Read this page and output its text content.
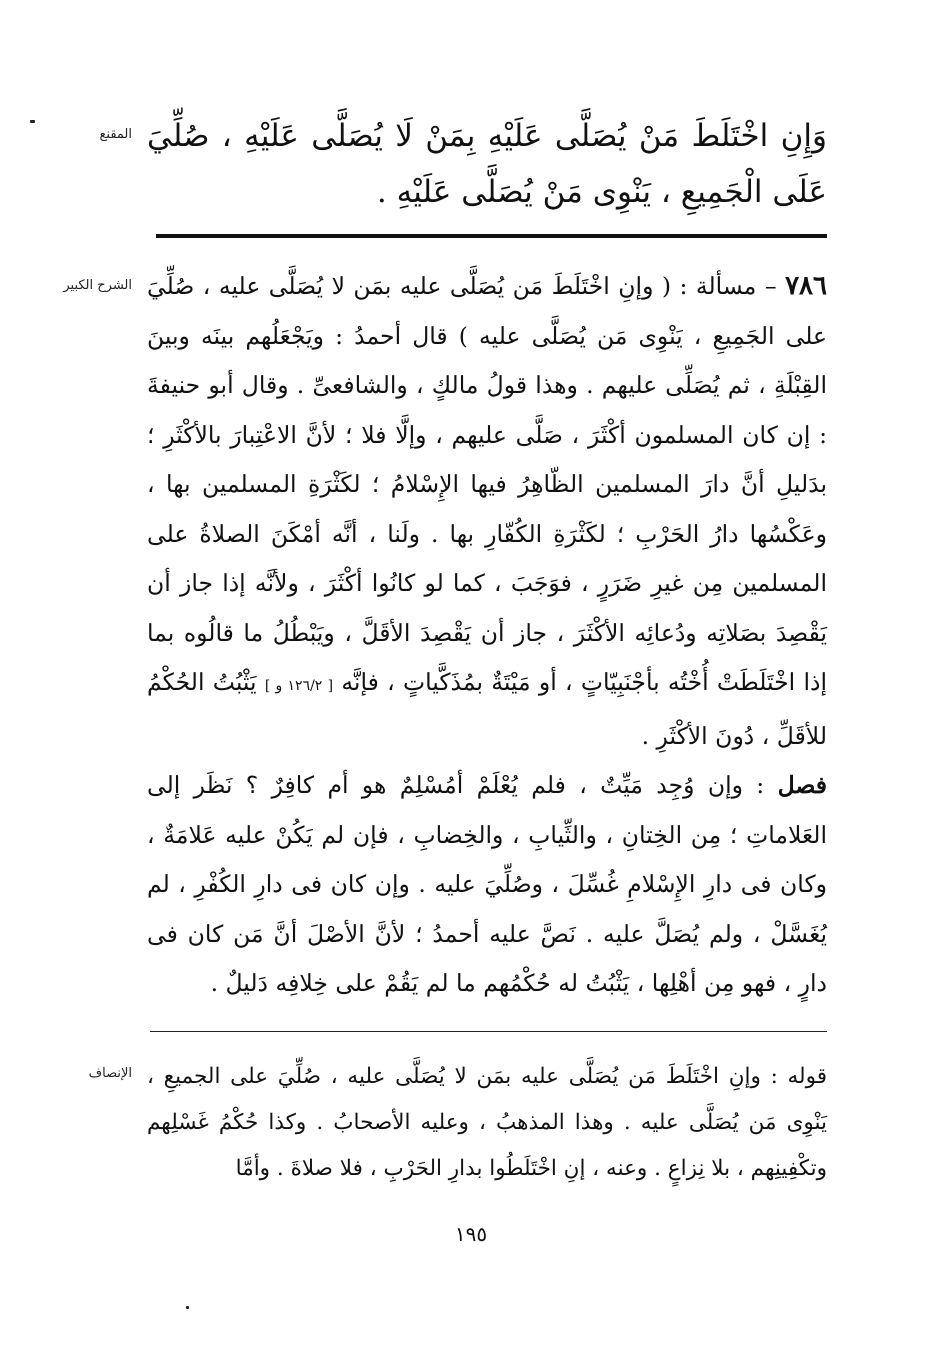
المقنع وَإِنِ اخْتَلَطَ مَنْ يُصَلَّى عَلَيْهِ بِمَنْ لَا يُصَلَّى عَلَيْهِ ، صُلِّيَ عَلَى الْجَمِيعِ ، يَنْوِى مَنْ يُصَلَّى عَلَيْهِ .
الشرح الكبير	٧٨٦ – مسألة : ( وإنِ اخْتَلَطَ مَن يُصَلَّى عليه بمَن لا يُصَلَّى عليه ، صُلِّيَ على الجَمِيعِ ، يَنْوِى مَن يُصَلَّى عليه ) قال أحمدُ : ويَجْعَلُهم بينَه وبينَ القِبْلَةِ ، ثم يُصَلِّى عليهم . وهذا قولُ مالكٍ ، والشافعىِّ . وقال أبو حنيفةَ : إن كان المسلمون أكْثَرَ ، صَلَّى عليهم ، وإلَّا فلا ؛ لأنَّ الاعْتِبارَ بالأكْثَرِ ؛ بدَليلِ أنَّ دارَ المسلمين الظّاهِرُ فيها الإِسْلامُ ؛ لكَثْرَةِ المسلمين بها ، وعَكْسُها دارُ الحَرْبِ ؛ لكَثْرَةِ الكُفّارِ بها . ولَنا ، أنَّه أمْكَنَ الصلاةُ على المسلمين مِن غيرِ ضَرَرٍ ، فوَجَبَ ، كما لو كانُوا أكْثَرَ ، ولأنَّه إذا جاز أن يَقْصِدَ بصَلاتِه ودُعائِه الأكْثَرَ ، جاز أن يَقْصِدَ الأقَلَّ ، ويَبْطُلُ ما قالُوه بما إذا اخْتَلَطَتْ أُخْتُه بأجْنَبِيّاتٍ ، أو مَيْتَةٌ بمُذَكَّياتٍ ، فإنَّه [ ١٢٦/٢ و ] يَثْبُتُ الحُكْمُ للأقَلِّ ، دُونَ الأكْثَرِ .

فصل : وإن وُجِد مَيِّتٌ ، فلم يُعْلَمْ أمُسْلِمٌ هو أم كافِرٌ ؟ نَظَر إلى العَلاماتِ ؛ مِن الخِتانِ ، والثِّيابِ ، والخِضابِ ، فإن لم يَكُنْ عليه عَلامَةٌ ، وكان فى دارِ الإِسْلامِ غُسِّلَ ، وصُلِّيَ عليه . وإن كان فى دارِ الكُفْرِ ، لم يُغَسَّلْ ، ولم يُصَلَّ عليه . نَصَّ عليه أحمدُ ؛ لأنَّ الأصْلَ أنَّ مَن كان فى دارٍ ، فهو مِن أهْلِها ، يَثْبُتُ له حُكْمُهم ما لم يَقُمْ على خِلافِه دَليلٌ .

الإنصاف قوله : وإنِ اخْتَلَطَ مَن يُصَلَّى عليه بمَن لا يُصَلَّى عليه ، صُلِّيَ على الجميعِ ، يَنْوِى مَن يُصَلَّى عليه . وهذا المذهبُ ، وعليه الأصحابُ . وكذا حُكْمُ غَسْلِهم وتكْفِينِهم ، بلا نِزاعٍ . وعنه ، إنِ اخْتَلَطُوا بدارِ الحَرْبِ ، فلا صلاةَ . وأمَّا
١٩٥
